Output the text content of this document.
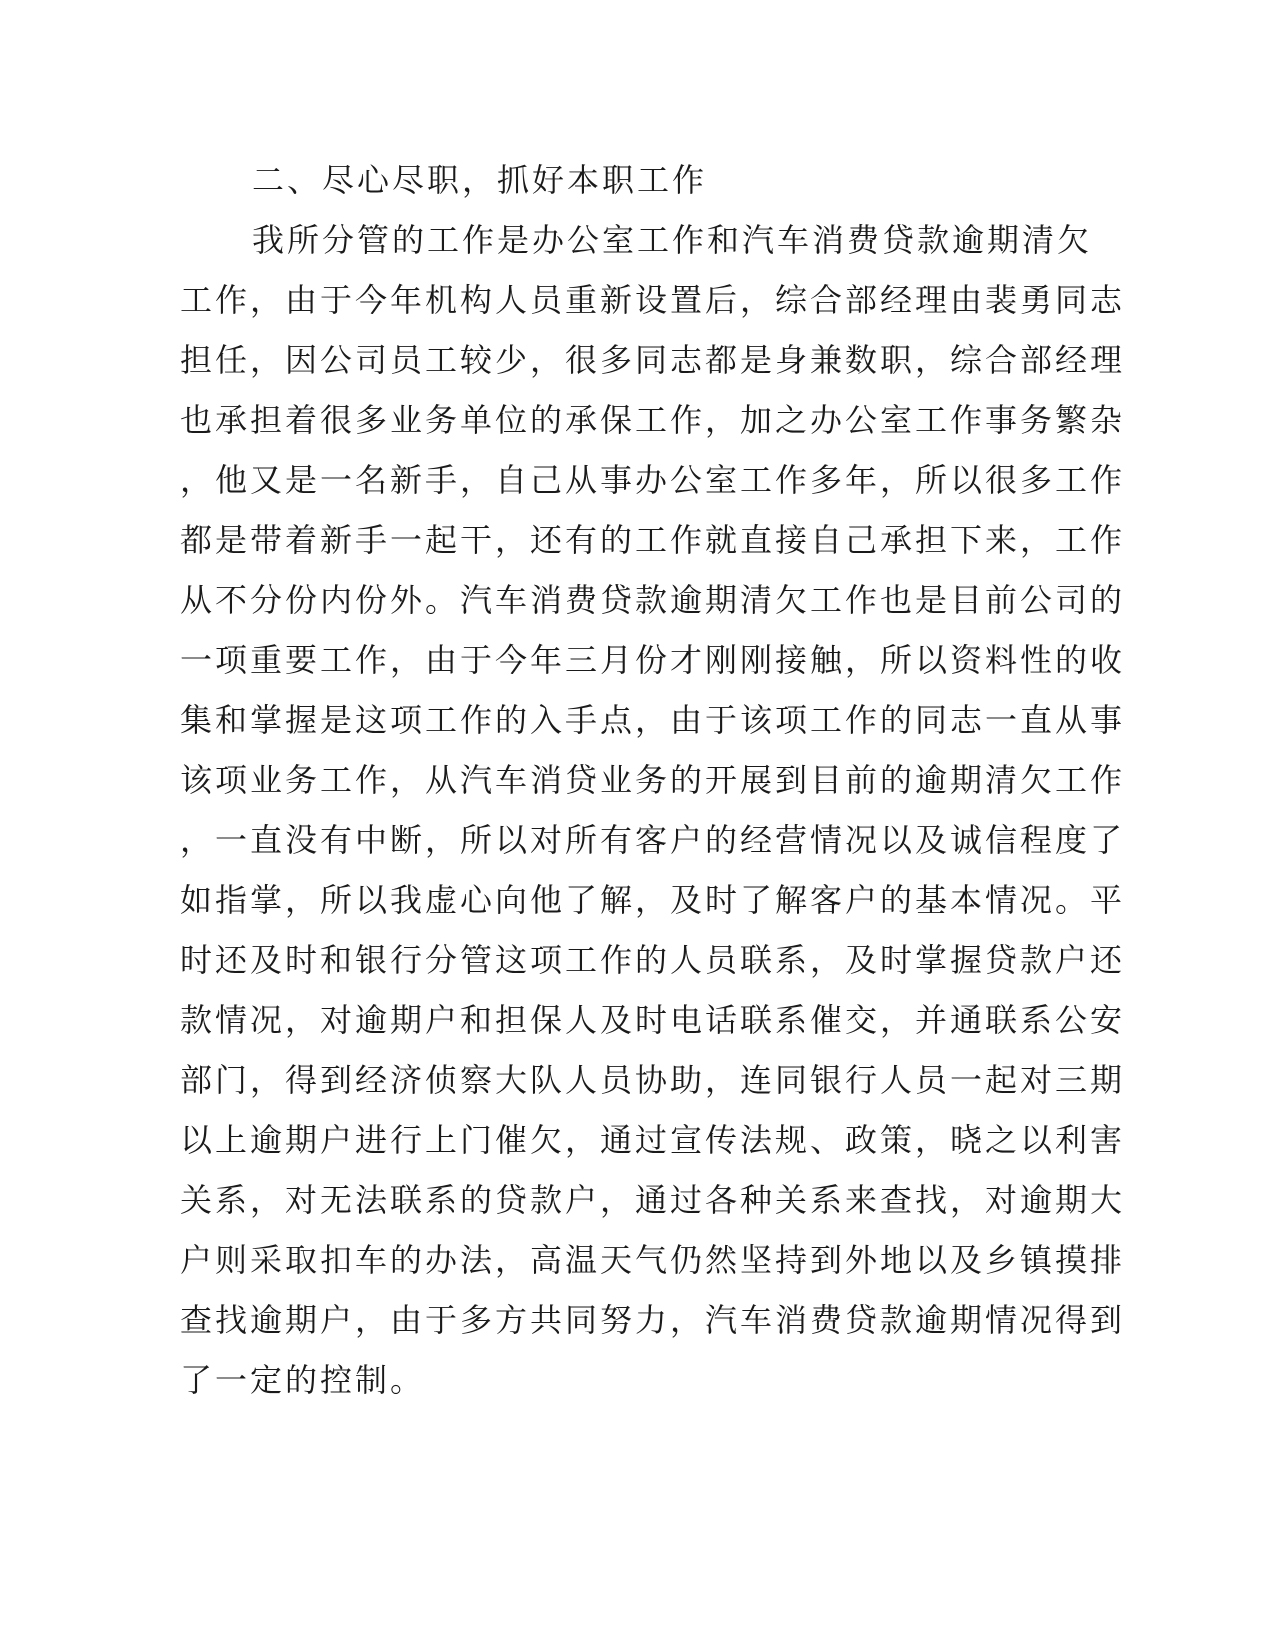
二、尽心尽职，抓好本职工作
我所分管的工作是办公室工作和汽车消费贷款逾期清欠
工作，由于今年机构人员重新设置后，综合部经理由裴勇同志
担任，因公司员工较少，很多同志都是身兼数职，综合部经理
也承担着很多业务单位的承保工作，加之办公室工作事务繁杂
，他又是一名新手，自己从事办公室工作多年，所以很多工作
都是带着新手一起干，还有的工作就直接自己承担下来，工作
从不分份内份外。汽车消费贷款逾期清欠工作也是目前公司的
一项重要工作，由于今年三月份才刚刚接触，所以资料性的收
集和掌握是这项工作的入手点，由于该项工作的同志一直从事
该项业务工作，从汽车消贷业务的开展到目前的逾期清欠工作
，一直没有中断，所以对所有客户的经营情况以及诚信程度了
如指掌，所以我虚心向他了解，及时了解客户的基本情况。平
时还及时和银行分管这项工作的人员联系，及时掌握贷款户还
款情况，对逾期户和担保人及时电话联系催交，并通联系公安
部门，得到经济侦察大队人员协助，连同银行人员一起对三期
以上逾期户进行上门催欠，通过宣传法规、政策，晓之以利害
关系，对无法联系的贷款户，通过各种关系来查找，对逾期大
户则采取扣车的办法，高温天气仍然坚持到外地以及乡镇摸排
查找逾期户，由于多方共同努力，汽车消费贷款逾期情况得到
了一定的控制。
